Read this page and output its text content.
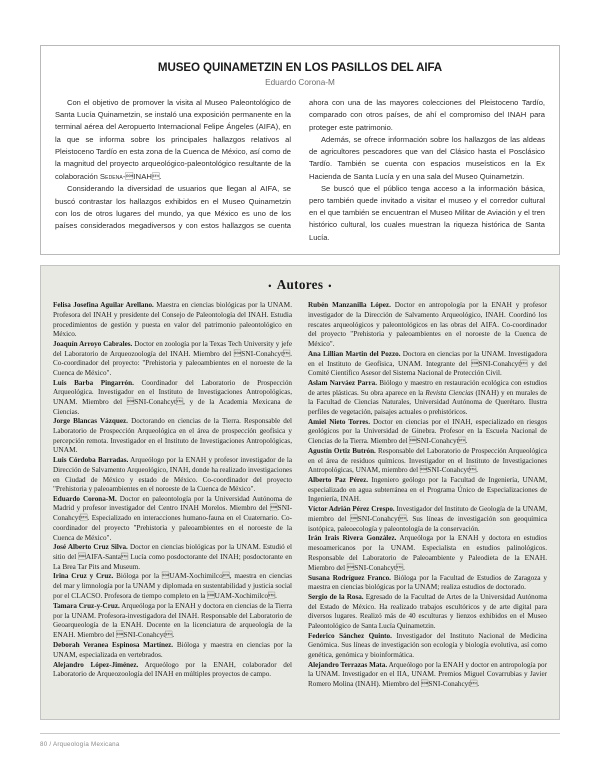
MUSEO QUINAMETZIN EN LOS PASILLOS DEL AIFA
Eduardo Corona-M

Con el objetivo de promover la visita al Museo Paleontológico de Santa Lucía Quinametzin, se instaló una exposición permanente en la terminal aérea del Aeropuerto Internacional Felipe Ángeles (AIFA), en la que se informa sobre los principales hallazgos relativos al Pleistoceno Tardío en esta zona de la Cuenca de México, así como de la magnitud del proyecto arqueológico-paleontológico resultante de la colaboración Sedena-INAH.

Considerando la diversidad de usuarios que llegan al AIFA, se buscó contrastar los hallazgos exhibidos en el Museo Quinametzin con los de otros lugares del mundo, ya que México es uno de los países considerados megadiversos y con estos hallazgos se cuenta ahora con una de las mayores colecciones del Pleistoceno Tardío, comparado con otros países, de ahí el compromiso del INAH para proteger este patrimonio.

Además, se ofrece información sobre los hallazgos de las aldeas de agricultores pescadores que van del Clásico hasta el Posclásico Tardío. También se cuenta con espacios museísticos en la Ex Hacienda de Santa Lucía y en una sala del Museo Quinametzin.

Se buscó que el público tenga acceso a la información básica, pero también quede invitado a visitar el museo y el corredor cultural en el que también se encuentran el Museo Militar de Aviación y el tren histórico cultural, los cuales muestran la riqueza histórica de Santa Lucía.

• Autores •

Felisa Josefina Aguilar Arellano. Maestra en ciencias biológicas por la UNAM. Profesora del INAH y presidente del Consejo de Paleontología del INAH. Estudia procedimientos de gestión y puesta en valor del patrimonio paleontológico en México.

Joaquín Arroyo Cabrales. Doctor en zoología por la Texas Tech University y jefe del Laboratorio de Arqueozoología del INAH. Miembro del SNI-Conahcyt. Co-coordinador del proyecto: "Prehistoria y paleoambientes en el noroeste de la Cuenca de México".

Luis Barba Pingarrón. Coordinador del Laboratorio de Prospección Arqueológica. Investigador en el Instituto de Investigaciones Antropológicas, UNAM. Miembro del SNI-Conahcyt, y de la Academia Mexicana de Ciencias.

Jorge Blancas Vázquez. Doctorando en ciencias de la Tierra. Responsable del Laboratorio de Prospección Arqueológica en el área de prospección geofísica y percepción remota. Investigador en el Instituto de Investigaciones Antropológicas, UNAM.

Luis Córdoba Barradas. Arqueólogo por la ENAH y profesor investigador de la Dirección de Salvamento Arqueológico, INAH, donde ha realizado investigaciones en Ciudad de México y estado de México. Co-coordinador del proyecto "Prehistoria y paleoambientes en el noroeste de la Cuenca de México".

Eduardo Corona-M. Doctor en paleontología por la Universidad Autónoma de Madrid y profesor investigador del Centro INAH Morelos. Miembro del SNI-Conahcyt. Especializado en interacciones humano-fauna en el Cuaternario. Co-coordinador del proyecto "Prehistoria y paleoambientes en el noroeste de la Cuenca de México".

José Alberto Cruz Silva. Doctor en ciencias biológicas por la UNAM. Estudió el sitio del AIFA-Santa Lucía como posdoctorante del INAH; posdoctorante en La Brea Tar Pits and Museum.

Irina Cruz y Cruz. Bióloga por la UAM-Xochimilco, maestra en ciencias del mar y limnología por la UNAM y diplomada en sustentabilidad y justicia social por el CLACSO. Profesora de tiempo completo en la UAM-Xochimilco.

Tamara Cruz-y-Cruz. Arqueóloga por la ENAH y doctora en ciencias de la Tierra por la UNAM. Profesora-investigadora del INAH. Responsable del Laboratorio de Geoarqueología de la ENAH. Docente en la licenciatura de arqueología de la ENAH. Miembro del SNI-Conahcyt.

Deborah Veranea Espinosa Martínez. Bióloga y maestra en ciencias por la UNAM, especializada en vertebrados.

Alejandro López-Jiménez. Arqueólogo por la ENAH, colaborador del Laboratorio de Arqueozoología del INAH en múltiples proyectos de campo.

Rubén Manzanilla López. Doctor en antropología por la ENAH y profesor investigador de la Dirección de Salvamento Arqueológico, INAH. Coordinó los rescates arqueológicos y paleontológicos en las obras del AIFA. Co-coordinador del proyecto "Prehistoria y paleoambientes en el noroeste de la Cuenca de México".

Ana Lillian Martin del Pozzo. Doctora en ciencias por la UNAM. Investigadora en el Instituto de Geofísica, UNAM. Integrante del SNI-Conahcyt y del Comité Científico Asesor del Sistema Nacional de Protección Civil.

Aslam Narváez Parra. Biólogo y maestro en restauración ecológica con estudios de artes plásticas. Su obra aparece en la Revista Ciencias (INAH) y en murales de la Facultad de Ciencias Naturales, Universidad Autónoma de Querétaro. Ilustra perfiles de vegetación, paisajes actuales o prehistóricos.

Amiel Nieto Torres. Doctor en ciencias por el INAH, especializado en riesgos geológicos por la Universidad de Ginebra. Profesor en la Escuela Nacional de Ciencias de la Tierra. Miembro del SNI-Conahcyt.

Agustín Ortiz Butrón. Responsable del Laboratorio de Prospección Arqueológica en el área de residuos químicos. Investigador en el Instituto de Investigaciones Antropológicas, UNAM, miembro del SNI-Conahcyt.

Alberto Paz Pérez. Ingeniero geólogo por la Facultad de Ingeniería, UNAM, especializado en agua subterránea en el Programa Único de Especializaciones de Ingeniería, INAH.

Víctor Adrián Pérez Crespo. Investigador del Instituto de Geología de la UNAM, miembro del SNI-Conahcyt. Sus líneas de investigación son geoquímica isotópica, paleoecología y paleontología de la conservación.

Irán Irais Rivera González. Arqueóloga por la ENAH y doctora en estudios mesoamericanos por la UNAM. Especialista en estudios palinológicos. Responsable del Laboratorio de Paleoambiente y Paleodieta de la ENAH. Miembro del SNI-Conahcyt.

Susana Rodríguez Franco. Bióloga por la Facultad de Estudios de Zaragoza y maestra en ciencias biológicas por la UNAM; realiza estudios de doctorado.

Sergio de la Rosa. Egresado de la Facultad de Artes de la Universidad Autónoma del Estado de México. Ha realizado trabajos escultóricos y de arte digital para diversos lugares. Realizó más de 40 esculturas y lienzos exhibidos en el Museo Paleontológico de Santa Lucía Quinametzin.

Federico Sánchez Quinto. Investigador del Instituto Nacional de Medicina Genómica. Sus líneas de investigación son ecología y biología evolutiva, así como genética, genómica y bioinformática.

Alejandro Terrazas Mata. Arqueólogo por la ENAH y doctor en antropología por la UNAM. Investigador en el IIA, UNAM. Premios Miguel Covarrubias y Javier Romero Molina (INAH). Miembro del SNI-Conahcyt.

80 / Arqueología Mexicana
